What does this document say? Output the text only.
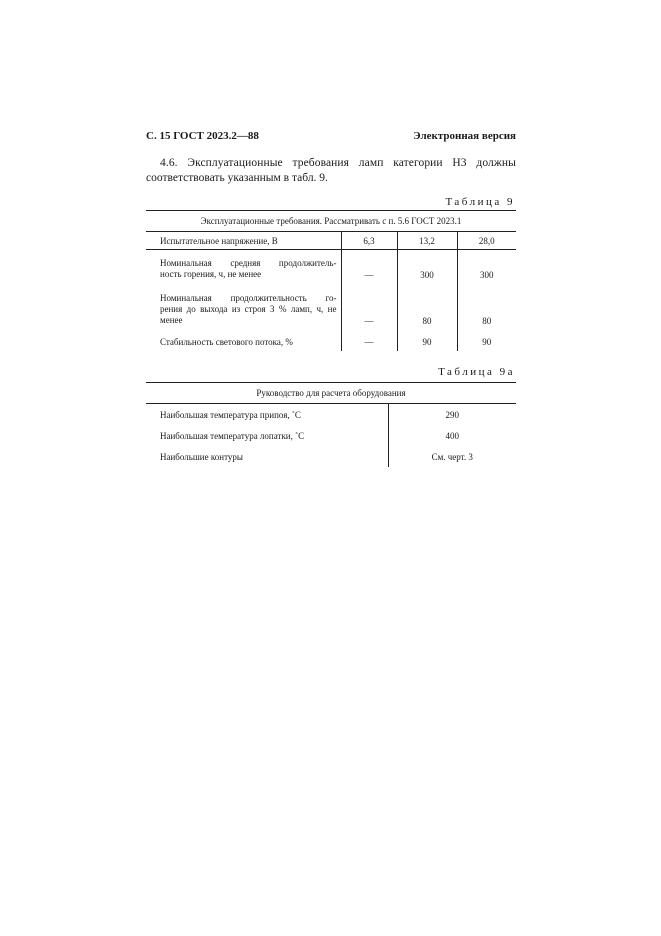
С. 15 ГОСТ 2023.2—88	Электронная версия
4.6. Эксплуатационные требования ламп категории Н3 должны
соответствовать указанным в табл. 9.
Таблица 9
Эксплуатационные требования. Рассматривать с п. 5.6 ГОСТ 2023.1			
Испытательное напряжение, В	6,3	13,2	28,0

Номинальная средняя продолжитель-
ность горения, ч, не менее	—	300	300

Номинальная продолжительность го-
рения до выхода из строя 3 % ламп, ч, не
менее	—	80	80
Стабильность светового потока, %	—	90	90
Таблица 9а
Руководство для расчета оборудования	
Наибольшая температура припоя, ˚С	290
Наибольшая температура лопатки, ˚С	400
Наибольшие контуры	См. черт. 3
